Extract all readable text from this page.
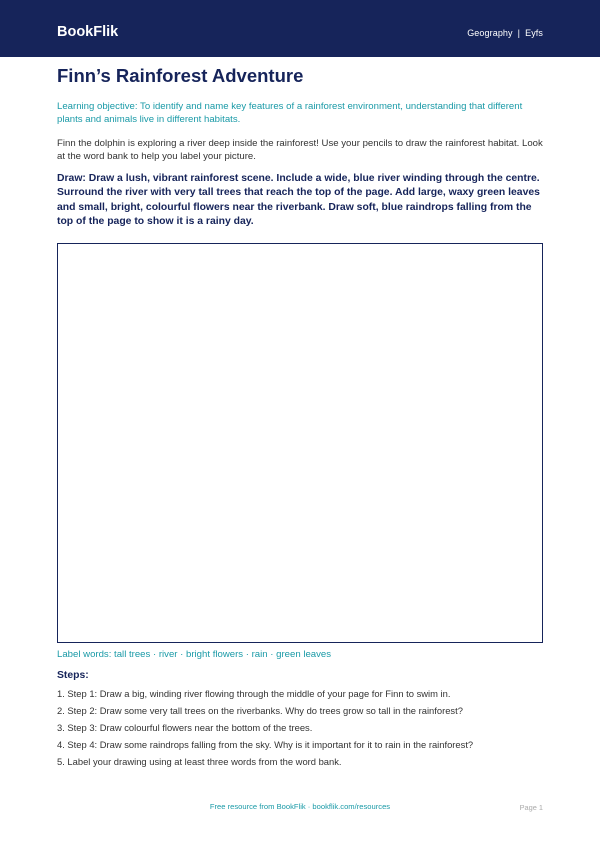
BookFlik	Geography | Eyfs
Finn’s Rainforest Adventure
Learning objective: To identify and name key features of a rainforest environment, understanding that different plants and animals live in different habitats.
Finn the dolphin is exploring a river deep inside the rainforest! Use your pencils to draw the rainforest habitat. Look at the word bank to help you label your picture.
Draw: Draw a lush, vibrant rainforest scene. Include a wide, blue river winding through the centre. Surround the river with very tall trees that reach the top of the page. Add large, waxy green leaves and small, bright, colourful flowers near the riverbank. Draw soft, blue raindrops falling from the top of the page to show it is a rainy day.
Label words: tall trees · river · bright flowers · rain · green leaves
Steps:
1. Step 1: Draw a big, winding river flowing through the middle of your page for Finn to swim in.
2. Step 2: Draw some very tall trees on the riverbanks. Why do trees grow so tall in the rainforest?
3. Step 3: Draw colourful flowers near the bottom of the trees.
4. Step 4: Draw some raindrops falling from the sky. Why is it important for it to rain in the rainforest?
5. Label your drawing using at least three words from the word bank.
Free resource from BookFlik · bookflik.com/resources	Page 1
